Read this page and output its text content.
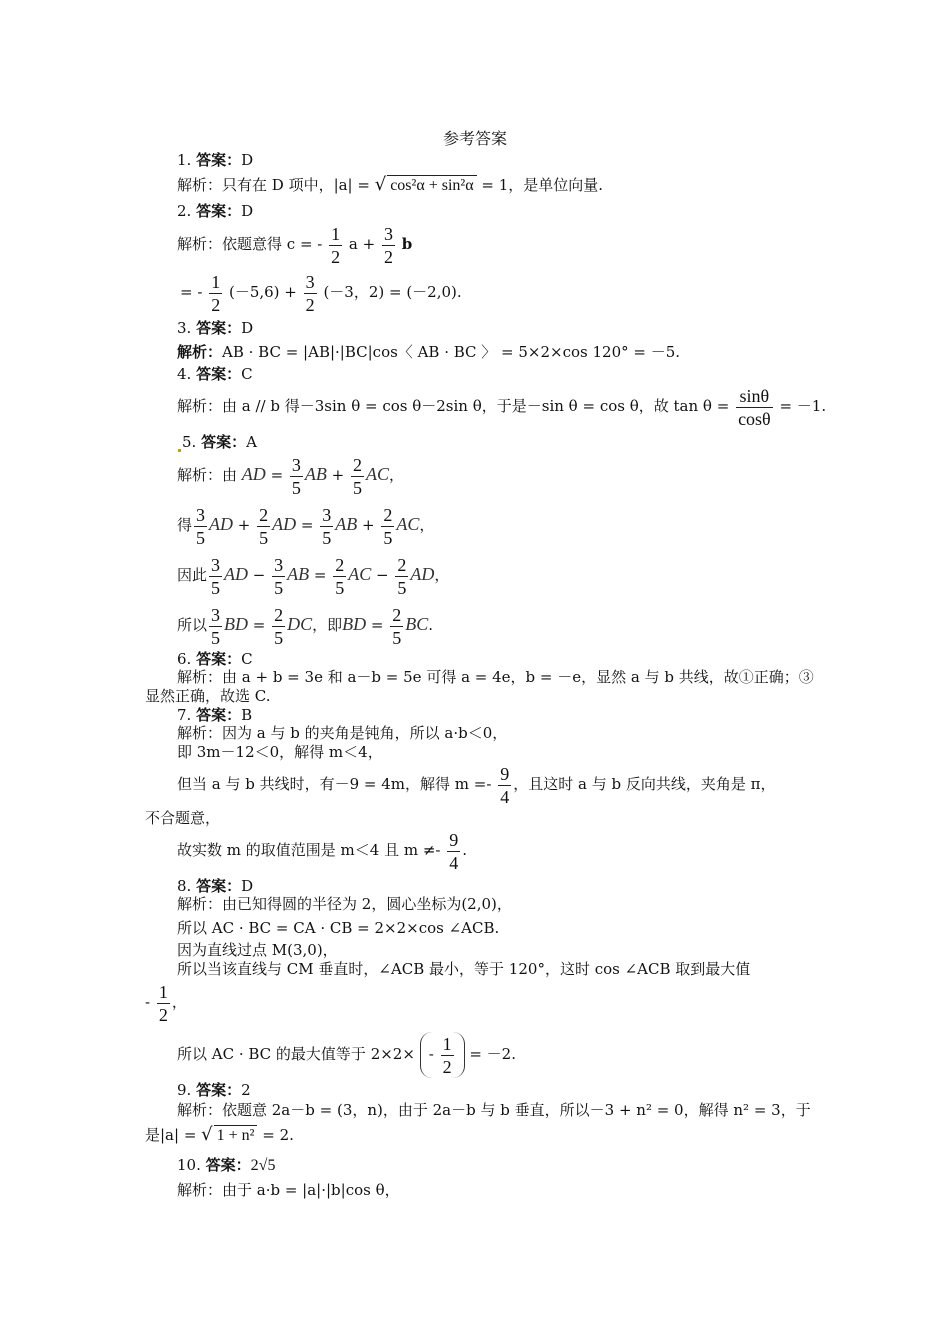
参考答案
1. 答案：D
解析：只有在 D 项中，|a| = √ cos²α + sin²α = 1，是单位向量.
2. 答案：D
解析：依题意得 c = - $\frac{1}{2}$ $a + \frac{3}{2}$ b
= - $\frac{1}{2} (-5,6) + \frac{3}{2} (-3$，2) = (－2,0).
3. 答案：D
解析：AB · BC = |AB|·|BC|cos〈 AB · BC 〉 = 5×2×cos 120° = －5.
4. 答案：C
解析：由 a // b 得－3sin θ = cos θ－2sin θ，于是－sin θ = cos θ，故 $\tan \theta = \frac{\sin\theta}{\cos\theta} = -1$.
5. 答案：A
解析：由 AD = $\frac{3}{5}$ AB + $\frac{2}{5}$ AC，
得 $\frac{3}{5}$ AD + $\frac{2}{5}$ AD = $\frac{3}{5}$ AB + $\frac{2}{5}$ AC，
因此 $\frac{3}{5}$ AD − $\frac{3}{5}$ AB = $\frac{2}{5}$ AC − $\frac{2}{5}$ AD，
所以 $\frac{3}{5}$ BD = $\frac{2}{5}$ DC，即BD = $\frac{2}{5}$ BC.
6. 答案：C
解析：由 a + b = 3e 和 a－b = 5e 可得 a = 4e，b = －e，显然 a 与 b 共线，故①正确；③
显然正确，故选 C.
7. 答案：B
解析：因为 a 与 b 的夹角是钝角，所以 a·b＜0，
即 3m－12＜0，解得 m＜4，
但当 a 与 b 共线时，有－9 = 4m，解得 $m =- \frac{9}{4}$ ，且这时 a 与 b 反向共线，夹角是 π，
不合题意，
故实数 m 的取值范围是 m＜4 且 $m \ne- \frac{9}{4}$ .
8. 答案：D
解析：由已知得圆的半径为 2，圆心坐标为(2,0)，
所以 AC · BC = CA · CB = 2×2×cos ∠ACB.
因为直线过点 M(3,0)，
所以当该直线与 CM 垂直时，∠ACB 最小，等于 120°，这时 cos ∠ACB 取到最大值
- $\frac{1}{2}$ ，
所以 AC · BC 的最大值等于 $2\times 2\times - \frac{1}{2} = -2$.
9. 答案：2
解析：依题意 2a－b = (3，n)，由于 2a－b 与 b 垂直，所以－3 + n² = 0，解得 n² = 3，于
是|a| = √ 1 + n² = 2.
10. 答案：2√5
解析：由于 a·b = |a|·|b|cos θ，
